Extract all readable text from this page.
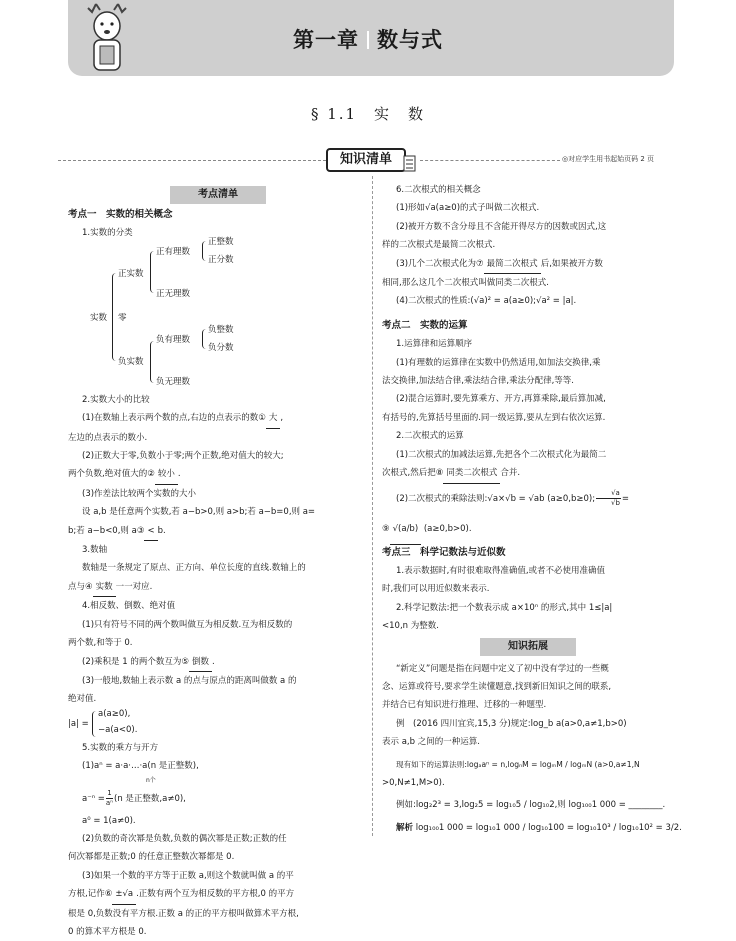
第一章 数与式
§ 1.1　实　数
知识清单	◎对应学生用书起始页码 2 页
考点清单
考点一　实数的相关概念
1.实数的分类
实数
正实数
零
负实数
正有理数
正无理数
正整数
正分数
负有理数
负无理数
负整数
负分数
2.实数大小的比较
(1)在数轴上表示两个数的点,右边的点表示的数① 大 ,
左边的点表示的数小.
(2)正数大于零,负数小于零;两个正数,绝对值大的较大;
两个负数,绝对值大的② 较小 .
(3)作差法比较两个实数的大小
设 a,b 是任意两个实数,若 a−b>0,则 a>b;若 a−b=0,则 a=
b;若 a−b<0,则 a③ < b.
3.数轴
数轴是一条规定了原点、正方向、单位长度的直线.数轴上的
点与④ 实数 一一对应.
4.相反数、倒数、绝对值
(1)只有符号不同的两个数叫做互为相反数.互为相反数的
两个数,和等于 0.
(2)乘积是 1 的两个数互为⑤ 倒数 .
(3)一般地,数轴上表示数 a 的点与原点的距离叫做数 a 的
绝对值.
|a| =
a(a≥0),
−a(a<0).
5.实数的乘方与开方
(1)aⁿ = a·a·…·a(n 是正整数),
n个
$a^{-n} = \frac{1}{\text{aⁿ}} (n$ 是正整数,a≠0),
a⁰ = 1(a≠0).
(2)负数的奇次幂是负数,负数的偶次幂是正数;正数的任
何次幂都是正数;0 的任意正整数次幂都是 0.
(3)如果一个数的平方等于正数 a,则这个数就叫做 a 的平
方根,记作⑥ ±√a .正数有两个互为相反数的平方根,0 的平方
根是 0,负数没有平方根.正数 a 的正的平方根叫做算术平方根,
0 的算术平方根是 0.
6.二次根式的相关概念
(1)形如√a(a≥0)的式子叫做二次根式.
(2)被开方数不含分母且不含能开得尽方的因数或因式,这
样的二次根式是最简二次根式.
(3)几个二次根式化为⑦ 最简二次根式 后,如果被开方数
相同,那么这几个二次根式叫做同类二次根式.
(4)二次根式的性质:(√a)² = a(a≥0);√a² = |a|.
考点二　实数的运算
1.运算律和运算顺序
(1)有理数的运算律在实数中仍然适用,如加法交换律,乘
法交换律,加法结合律,乘法结合律,乘法分配律,等等.
(2)混合运算时,要先算乘方、开方,再算乘除,最后算加减,
有括号的,先算括号里面的.同一级运算,要从左到右依次运算.
2.二次根式的运算
(1)二次根式的加减法运算,先把各个二次根式化为最简二
次根式,然后把⑧ 同类二次根式 合并.
(2)二次根式的乘除法则:√a×√b = √ab (a≥0,b≥0); $\frac{√a}{√b}$ =
⑨ √(a/b) (a≥0,b>0).
考点三　科学记数法与近似数
1.表示数据时,有时很难取得准确值,或者不必使用准确值
时,我们可以用近似数来表示.
2.科学记数法:把一个数表示成 a×10ⁿ 的形式,其中 1≤|a|
<10,n 为整数.
知识拓展
“新定义”问题是指在问题中定义了初中没有学过的一些概
念、运算或符号,要求学生读懂题意,找到新旧知识之间的联系,
并结合已有知识进行推理、迁移的一种题型.
例　(2016 四川宜宾,15,3 分)规定:log_b a(a>0,a≠1,b>0)
表示 a,b 之间的一种运算.
现有如下的运算法则:logₐaⁿ = n,logₙM = logₘM / logₘN (a>0,a≠1,N
>0,N≠1,M>0).
例如:log₂2³ = 3,log₂5 = log₁₀5 / log₁₀2,则 log₁₀₀1 000 = ________.
解析 log₁₀₀1 000 = log₁₀1 000 / log₁₀100 = log₁₀10³ / log₁₀10² = 3/2.
